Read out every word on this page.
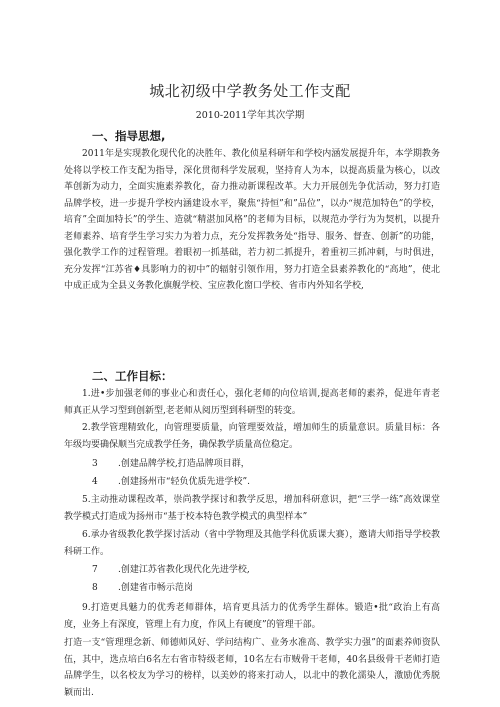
城北初级中学教务处工作支配
2010-2011学年其次学期
一、指导思想,
2011年是实现教化现代化的决胜年、教化侦星科研年和学校内涵发展提升年，本学期教务处将以学校工作支配为指导，深化贯彻科学发展观，坚持育人为本，以提高质量为核心，以改革创新为动力，全面实施素养教化，奋力推动新课程改革。大力开展创先争优活动，努力打造品牌学校，进一步提升学校内涵建设水平，聚焦“持恒”和”品位”，以办“规范加特色”的学校，培育”全面加特长”的学生、造就“精湛加风格”的老师为目标，以规范办学行为为契机，以提升老师素养、培育学生学习实力为着力点，充分发挥教务处“指导、服务、督查、创新”的功能，强化教学工作的过程管理。着眼初一抓基础，若力初二抓提升，着重初三抓冲刺，与时俱进，充分发挥“江苏省♦具影响力的初中”的辐射引领作用，努力打造全县素养教化的“高地”，使北中成正成为全县义务教化旗舰学校、宝应教化窗口学校、省市内外知名学校,
二、工作目标：
1.进•步加强老师的事业心和责任心，强化老师的向位培训,提高老师的素养，促进年青老师真正从学习型到创新型,老老师从阅历型到科研型的转变。
2.教学管理精致化，向管理要质量，向管理要效益，增加师生的质量意识。质量目标：各年级均要确保顺当完成教学任务，确保教学质量高位稳定。
3 .创建品牌学校,打造品牌项目群，
4 .创建扬州市“轻负优质先进学校”.
5.主动推动课程改革，崇尚教学探讨和教学反思，增加科研意识，把“三学一练”高效课堂教学模式打造成为扬州市“基于校本特色教学模式的典型样本”
6.承办省级教化教学探讨活动（省中学物理及其他学科优质课大赛），邀请大师指导学校教科研工作。
7 .创建江苏省教化现代化先进学校,
8 .创建省市畅示范岗
9.打造更具魅力的优秀老师群体，培育更具活力的优秀学生群体。锻造•批“政治上有高度，业务上有深度，管理上有力度，作风上有硬度”的管理干部。
打造一支“管理理念新、师德师风好、学问结构广、业务水准高、教学实力强”的面素养师资队伍，其中，选点培白6名左右省市特级老师，10名左右市贼骨干老师，40名县级骨干老师打造品牌学生，以名校友为学习的榜样，以美妙的将来打动人，以北中的教化濡染人，激励优秀脱颖而出.
